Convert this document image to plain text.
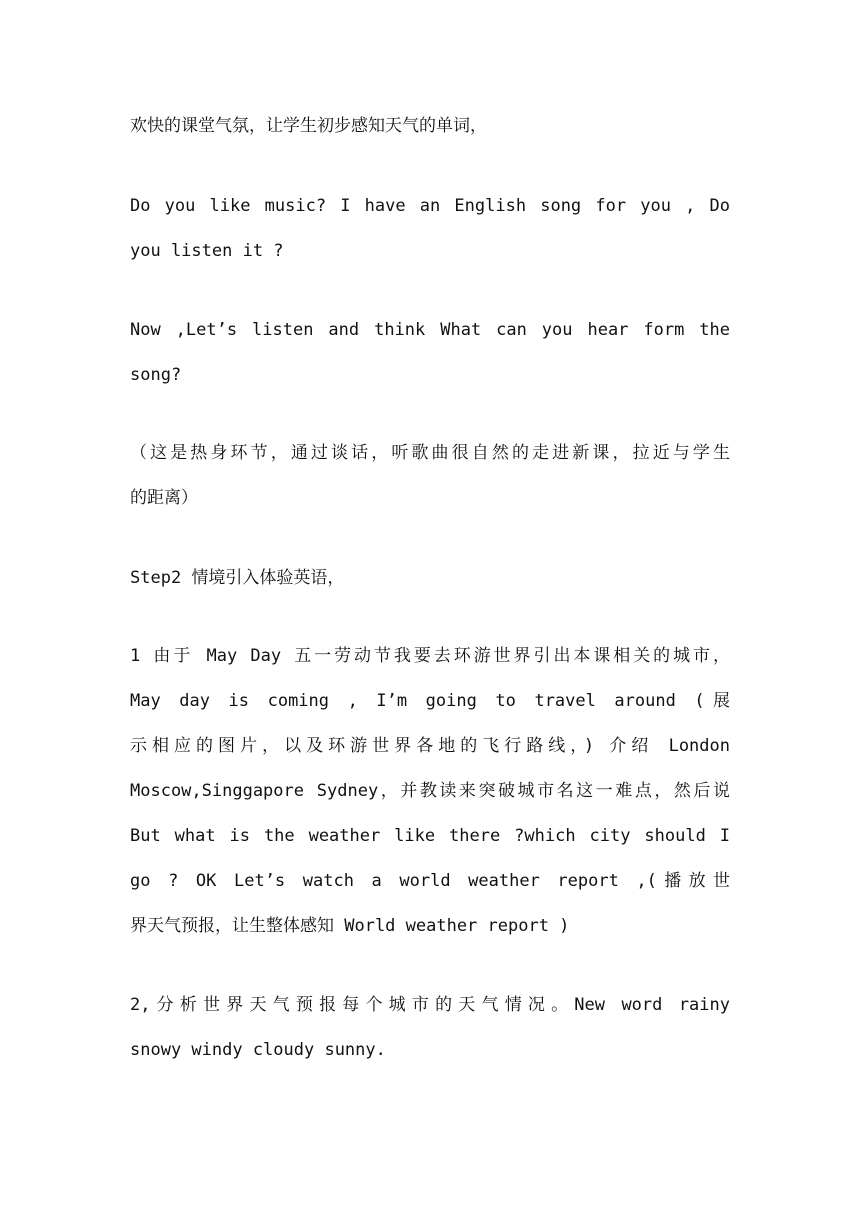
欢快的课堂气氛，让学生初步感知天气的单词，

Do you like music? I have an English song for you , Do
you listen it ?

Now ,Let’s listen and think What can you hear form the
song?

（这是热身环节，通过谈话，听歌曲很自然的走进新课，拉近与学生
的距离）

Step2 情境引入体验英语，

1 由于 May Day 五一劳动节我要去环游世界引出本课相关的城市，
May day is coming , I’m going to travel around (展
示相应的图片，以及环游世界各地的飞行路线，) 介绍 London
Moscow,Singgapore Sydney，并教读来突破城市名这一难点，然后说
But what is the weather like there ?which city should I
go ? OK Let’s watch a world weather report ,(播放世
界天气预报，让生整体感知 World weather report )

2,分析世界天气预报每个城市的天气情况。New word rainy
snowy windy cloudy sunny.
